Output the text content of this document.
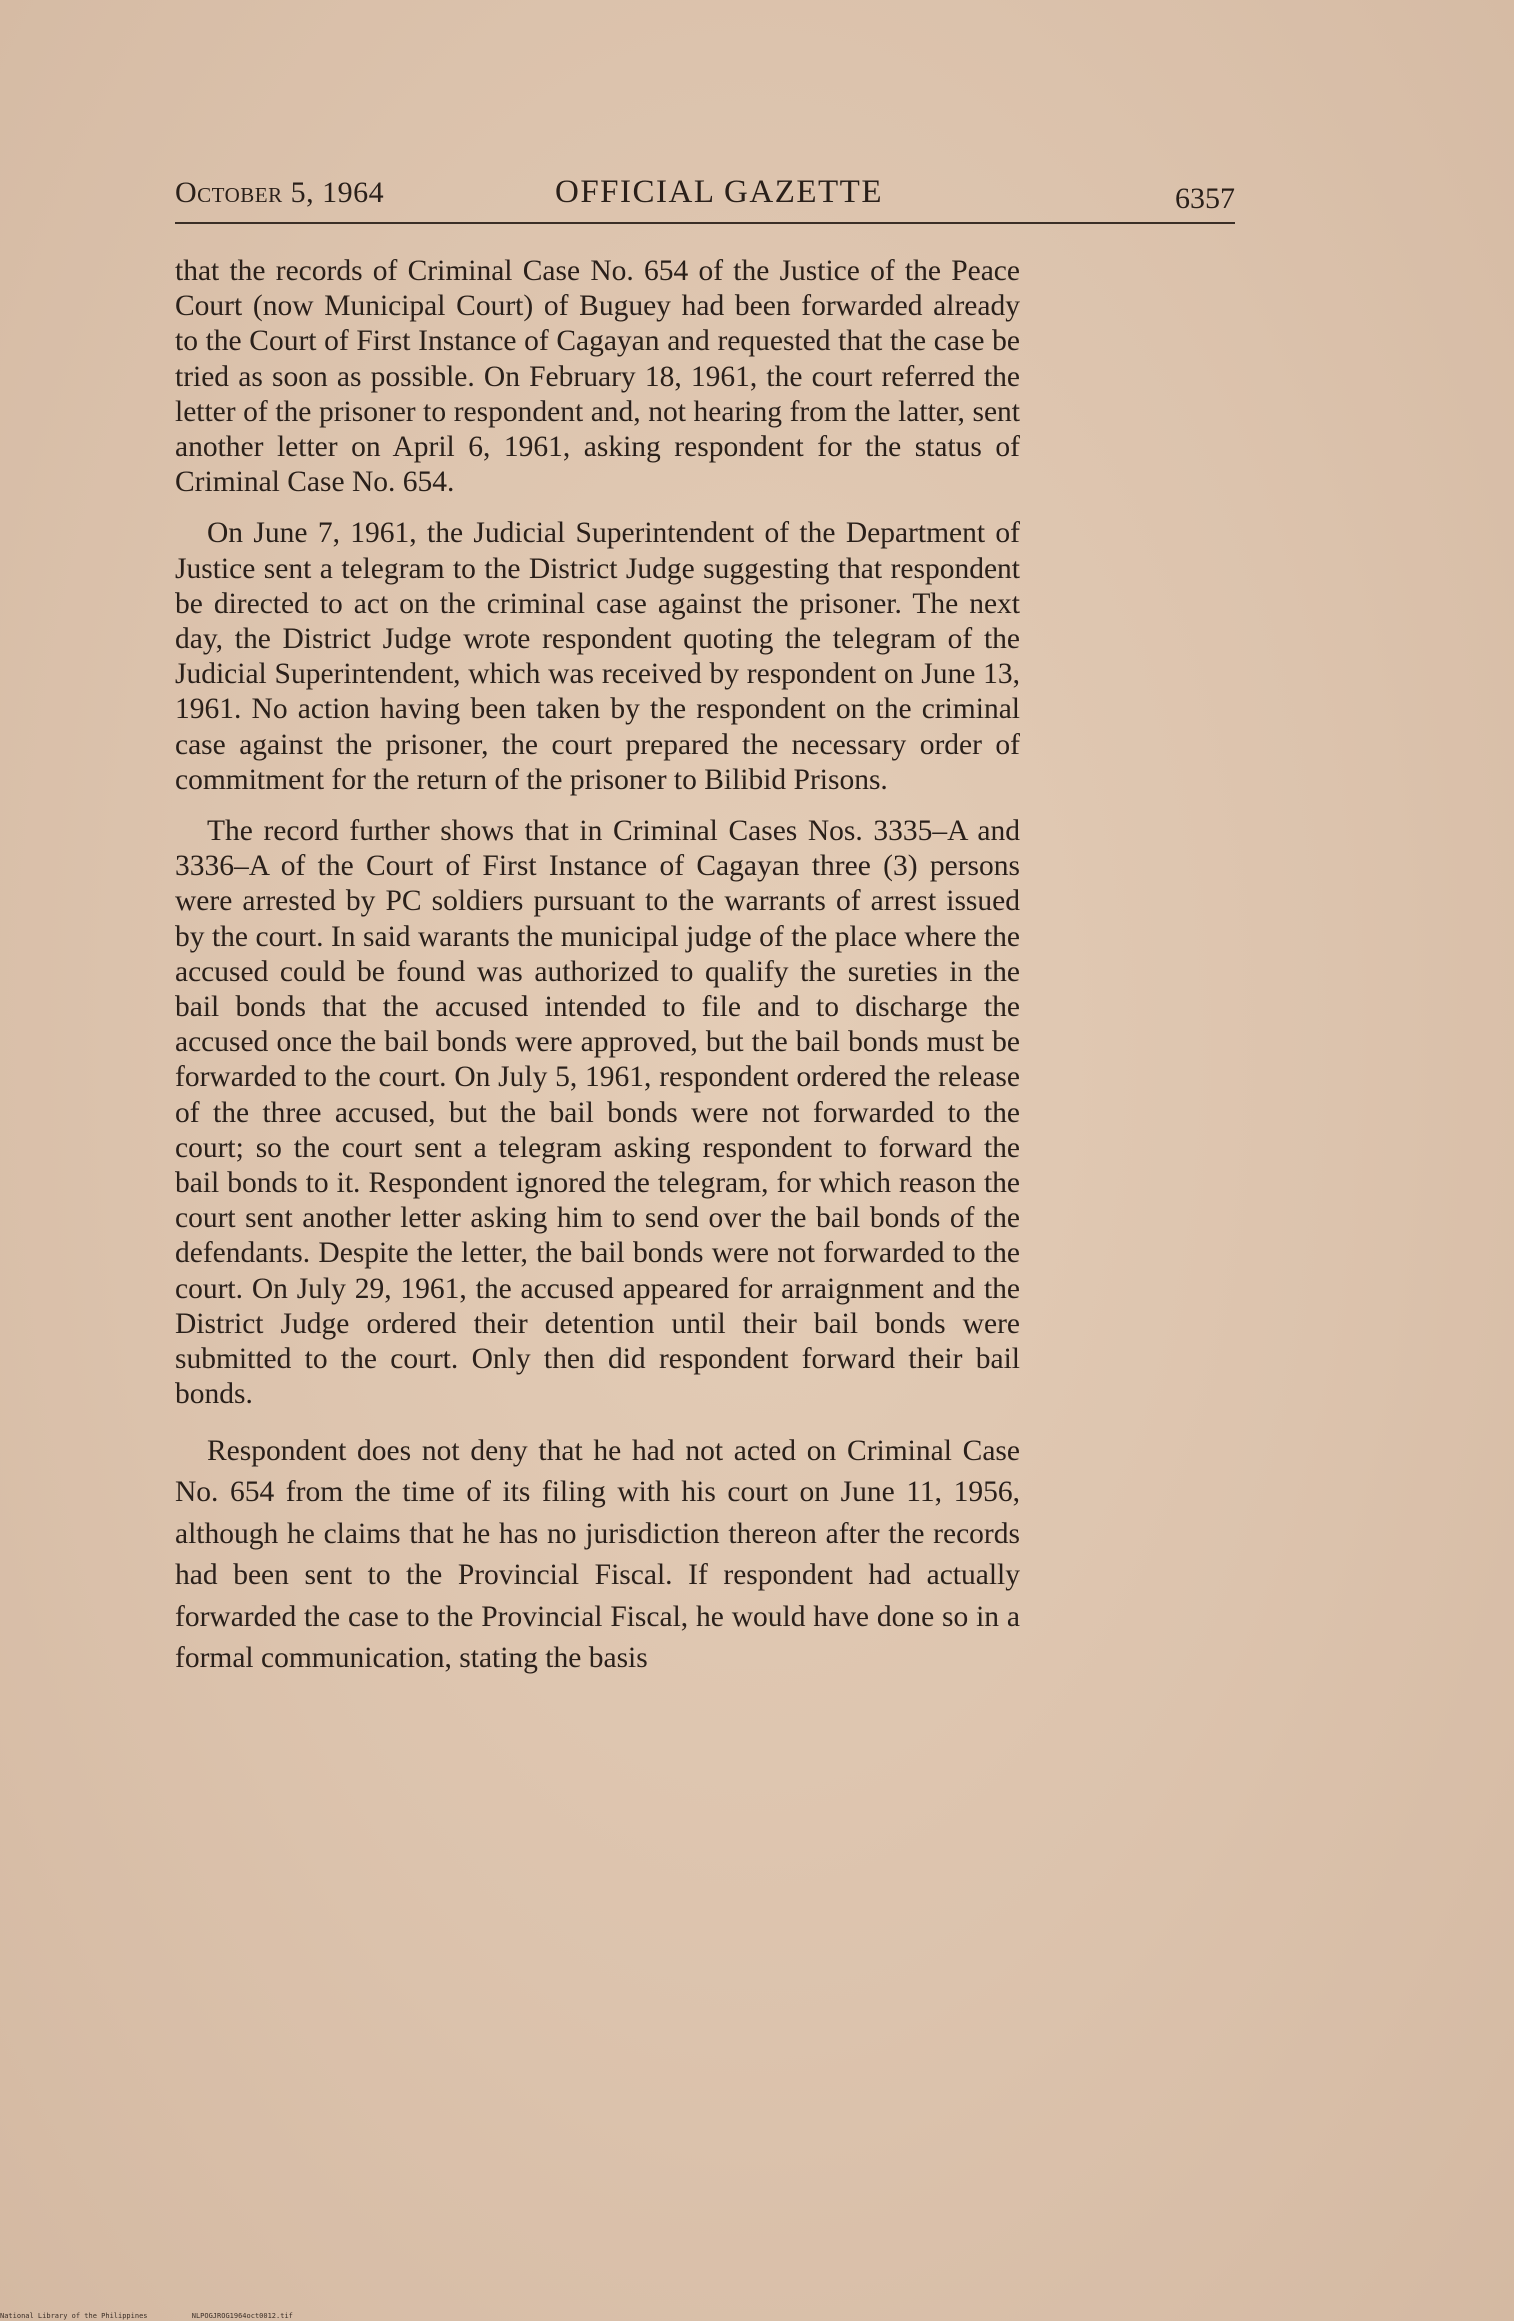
October 5, 1964	OFFICIAL GAZETTE	6357

that the records of Criminal Case No. 654 of the Justice of the Peace Court (now Municipal Court) of Buguey had been forwarded already to the Court of First Instance of Cagayan and requested that the case be tried as soon as possible. On February 18, 1961, the court referred the letter of the prisoner to respondent and, not hearing from the latter, sent another letter on April 6, 1961, asking respondent for the status of Criminal Case No. 654.

On June 7, 1961, the Judicial Superintendent of the Department of Justice sent a telegram to the District Judge suggesting that respondent be directed to act on the criminal case against the prisoner. The next day, the District Judge wrote respondent quoting the telegram of the Judicial Superintendent, which was received by respondent on June 13, 1961. No action having been taken by the respondent on the criminal case against the prisoner, the court prepared the necessary order of commitment for the return of the prisoner to Bilibid Prisons.

The record further shows that in Criminal Cases Nos. 3335–A and 3336–A of the Court of First Instance of Cagayan three (3) persons were arrested by PC soldiers pursuant to the warrants of arrest issued by the court. In said warants the municipal judge of the place where the accused could be found was authorized to qualify the sureties in the bail bonds that the accused intended to file and to discharge the accused once the bail bonds were approved, but the bail bonds must be forwarded to the court. On July 5, 1961, respondent ordered the release of the three accused, but the bail bonds were not forwarded to the court; so the court sent a telegram asking respondent to forward the bail bonds to it. Respondent ignored the telegram, for which reason the court sent another letter asking him to send over the bail bonds of the defendants. Despite the letter, the bail bonds were not forwarded to the court. On July 29, 1961, the accused appeared for arraignment and the District Judge ordered their detention until their bail bonds were submitted to the court. Only then did respondent forward their bail bonds.

Respondent does not deny that he had not acted on Criminal Case No. 654 from the time of its filing with his court on June 11, 1956, although he claims that he has no jurisdiction thereon after the records had been sent to the Provincial Fiscal. If respondent had actually forwarded the case to the Provincial Fiscal, he would have done so in a formal communication, stating the basis

National Library of the Philippines	NLPOGJROG1964oct0012.tif
